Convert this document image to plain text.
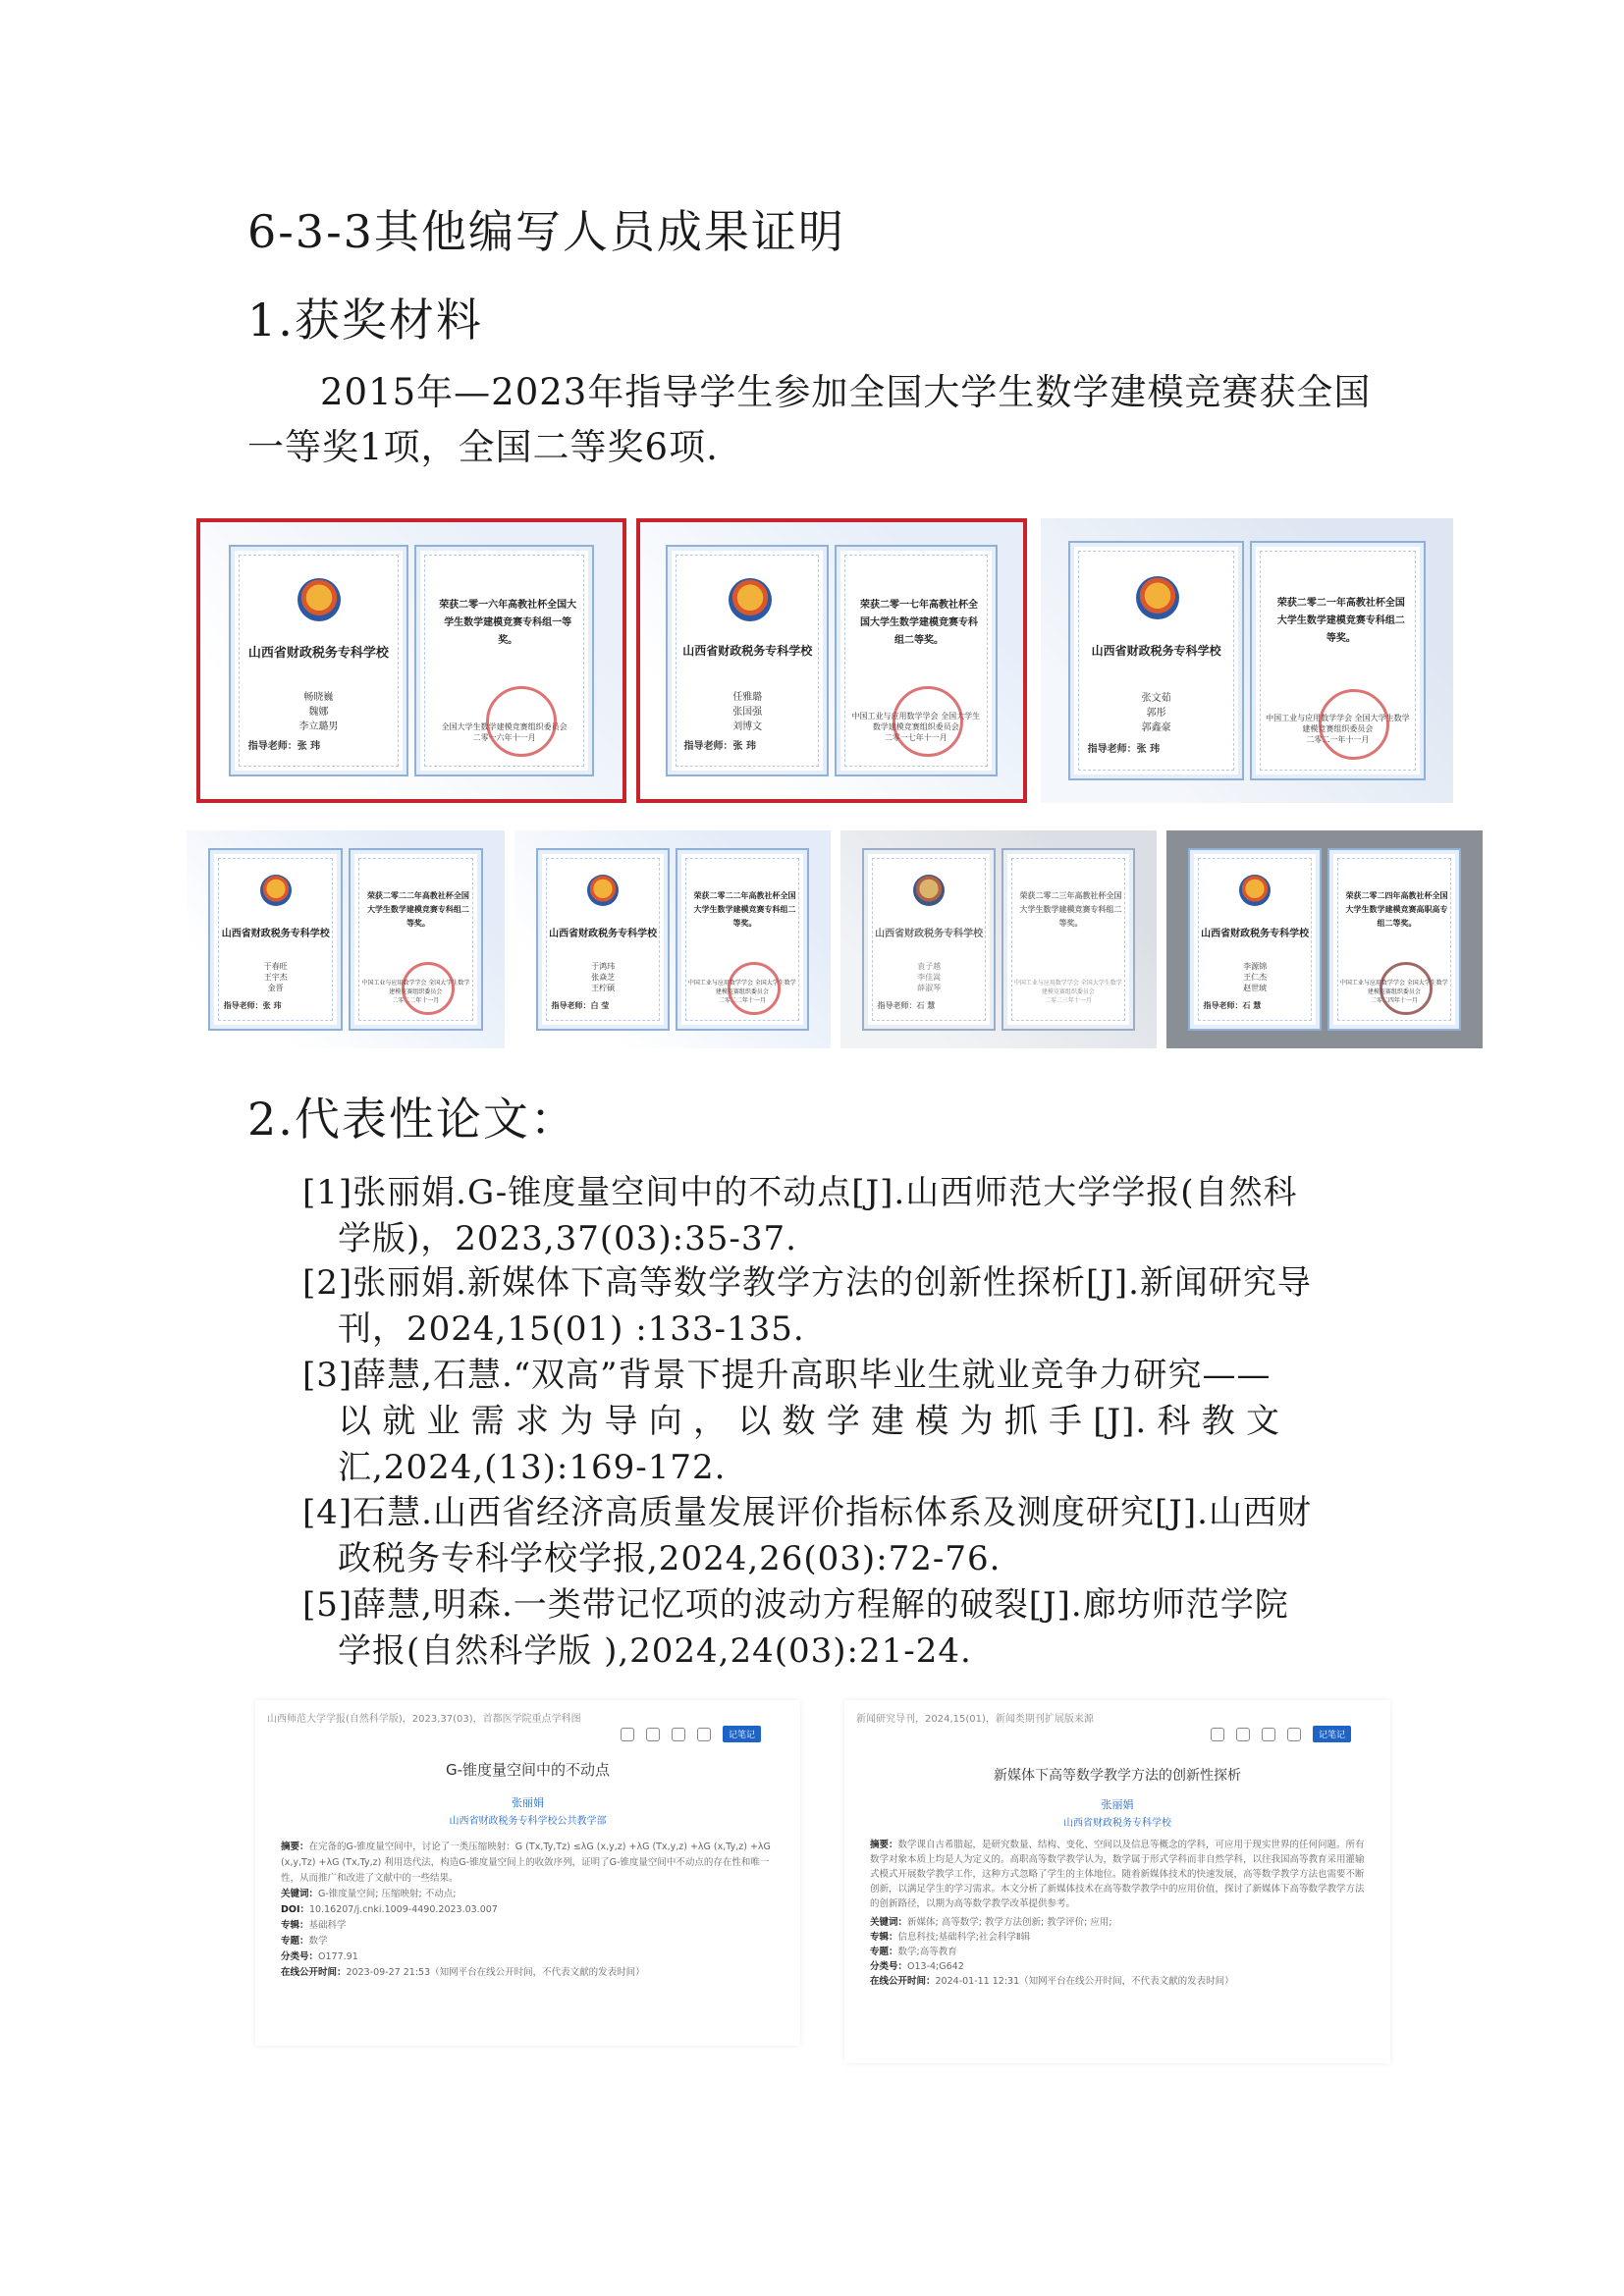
6-3-3其他编写人员成果证明
1.获奖材料
2015年—2023年指导学生参加全国大学生数学建模竞赛获全国
一等奖1项，全国二等奖6项.
山西省财政税务专科学校
畅晓巍
魏娜
李立璐男
指导老师：张 玮
荣获二零一六年高教社杯全国大学生数学建模竞赛专科组一等奖。
全国大学生数学建模竞赛组织委员会
二零一六年十一月
山西省财政税务专科学校
任雅璐
张国强
刘博文
指导老师：张 玮
荣获二零一七年高教社杯全国大学生数学建模竞赛专科组二等奖。
中国工业与应用数学学会 全国大学生数学建模竞赛组织委员会
二零一七年十一月
山西省财政税务专科学校
张文茹
郭彤
郭鑫豪
指导老师：张 玮
荣获二零二一年高教社杯全国大学生数学建模竞赛专科组二等奖。
中国工业与应用数学学会 全国大学生数学建模竞赛组织委员会
二零二一年十一月
山西省财政税务专科学校
于春旺
王宇杰
金晋
指导老师：张 玮
荣获二零二二年高教社杯全国大学生数学建模竞赛专科组二等奖。
中国工业与应用数学学会 全国大学生数学建模竞赛组织委员会
二零二二年十一月
山西省财政税务专科学校
于鸿玮
张焱芝
王柠碩
指导老师：白 莹
荣获二零二二年高教社杯全国大学生数学建模竞赛专科组二等奖。
中国工业与应用数学学会 全国大学生数学建模竞赛组织委员会
二零二二年十一月
山西省财政税务专科学校
袁子越
李佳嵩
薛淑琴
指导老师：石 慧
荣获二零二三年高教社杯全国大学生数学建模竞赛专科组二等奖。
中国工业与应用数学学会 全国大学生数学建模竞赛组织委员会
二零二三年十一月
山西省财政税务专科学校
李源锦
王仁杰
赵世琥
指导老师：石 慧
荣获二零二四年高教社杯全国大学生数学建模竞赛高职高专组二等奖。
中国工业与应用数学学会 全国大学生数学建模竞赛组织委员会
二零二四年十一月
2.代表性论文：
[1]张丽娟.G-锥度量空间中的不动点[J].山西师范大学学报(自然科
学版)，2023,37(03):35-37.
[2]张丽娟.新媒体下高等数学教学方法的创新性探析[J].新闻研究导
刊，2024,15(01) :133-135.
[3]薛慧,石慧.“双高”背景下提升高职毕业生就业竞争力研究——
以就业需求为导向，以数学建模为抓手[J].科教文
汇,2024,(13):169-172.
[4]石慧.山西省经济高质量发展评价指标体系及测度研究[J].山西财
政税务专科学校学报,2024,26(03):72-76.
[5]薛慧,明森.一类带记忆项的波动方程解的破裂[J].廊坊师范学院
学报(自然科学版 ),2024,24(03):21-24.
山西师范大学学报(自然科学版)，2023,37(03)，首都医学院重点学科图
记笔记
G-锥度量空间中的不动点
张丽娟
山西省财政税务专科学校公共教学部
摘要：在完备的G-锥度量空间中，讨论了一类压缩映射：G (Tx,Ty,Tz) ≤λG (x,y,z) +λG (Tx,y,z) +λG (x,Ty,z) +λG (x,y,Tz) +λG (Tx,Ty,z) 利用迭代法，构造G-锥度量空间上的收敛序列，证明了G-锥度量空间中不动点的存在性和唯一性，从而推广和改进了文献中的一些结果。
关键词：G-锥度量空间; 压缩映射; 不动点;
DOI：10.16207/j.cnki.1009-4490.2023.03.007
专辑：基础科学
专题：数学
分类号：O177.91
在线公开时间：2023-09-27 21:53（知网平台在线公开时间，不代表文献的发表时间）
新闻研究导刊，2024,15(01)，新闻类期刊扩展版来源
记笔记
新媒体下高等数学教学方法的创新性探析
张丽娟
山西省财政税务专科学校
摘要：数学课自古希腊起，是研究数量、结构、变化、空间以及信息等概念的学科，可应用于现实世界的任何问题。所有数学对象本质上均是人为定义的。高职高等数学教学认为，数学属于形式学科而非自然学科，以往我国高等教育采用灌输式模式开展数学教学工作，这种方式忽略了学生的主体地位。随着新媒体技术的快速发展，高等数学教学方法也需要不断创新，以满足学生的学习需求。本文分析了新媒体技术在高等数学教学中的应用价值，探讨了新媒体下高等数学教学方法的创新路径，以期为高等数学教学改革提供参考。
关键词：新媒体; 高等数学; 教学方法创新; 教学评价; 应用;
专辑：信息科技;基础科学;社会科学Ⅱ辑
专题：数学;高等教育
分类号：O13-4;G642
在线公开时间：2024-01-11 12:31（知网平台在线公开时间，不代表文献的发表时间）
